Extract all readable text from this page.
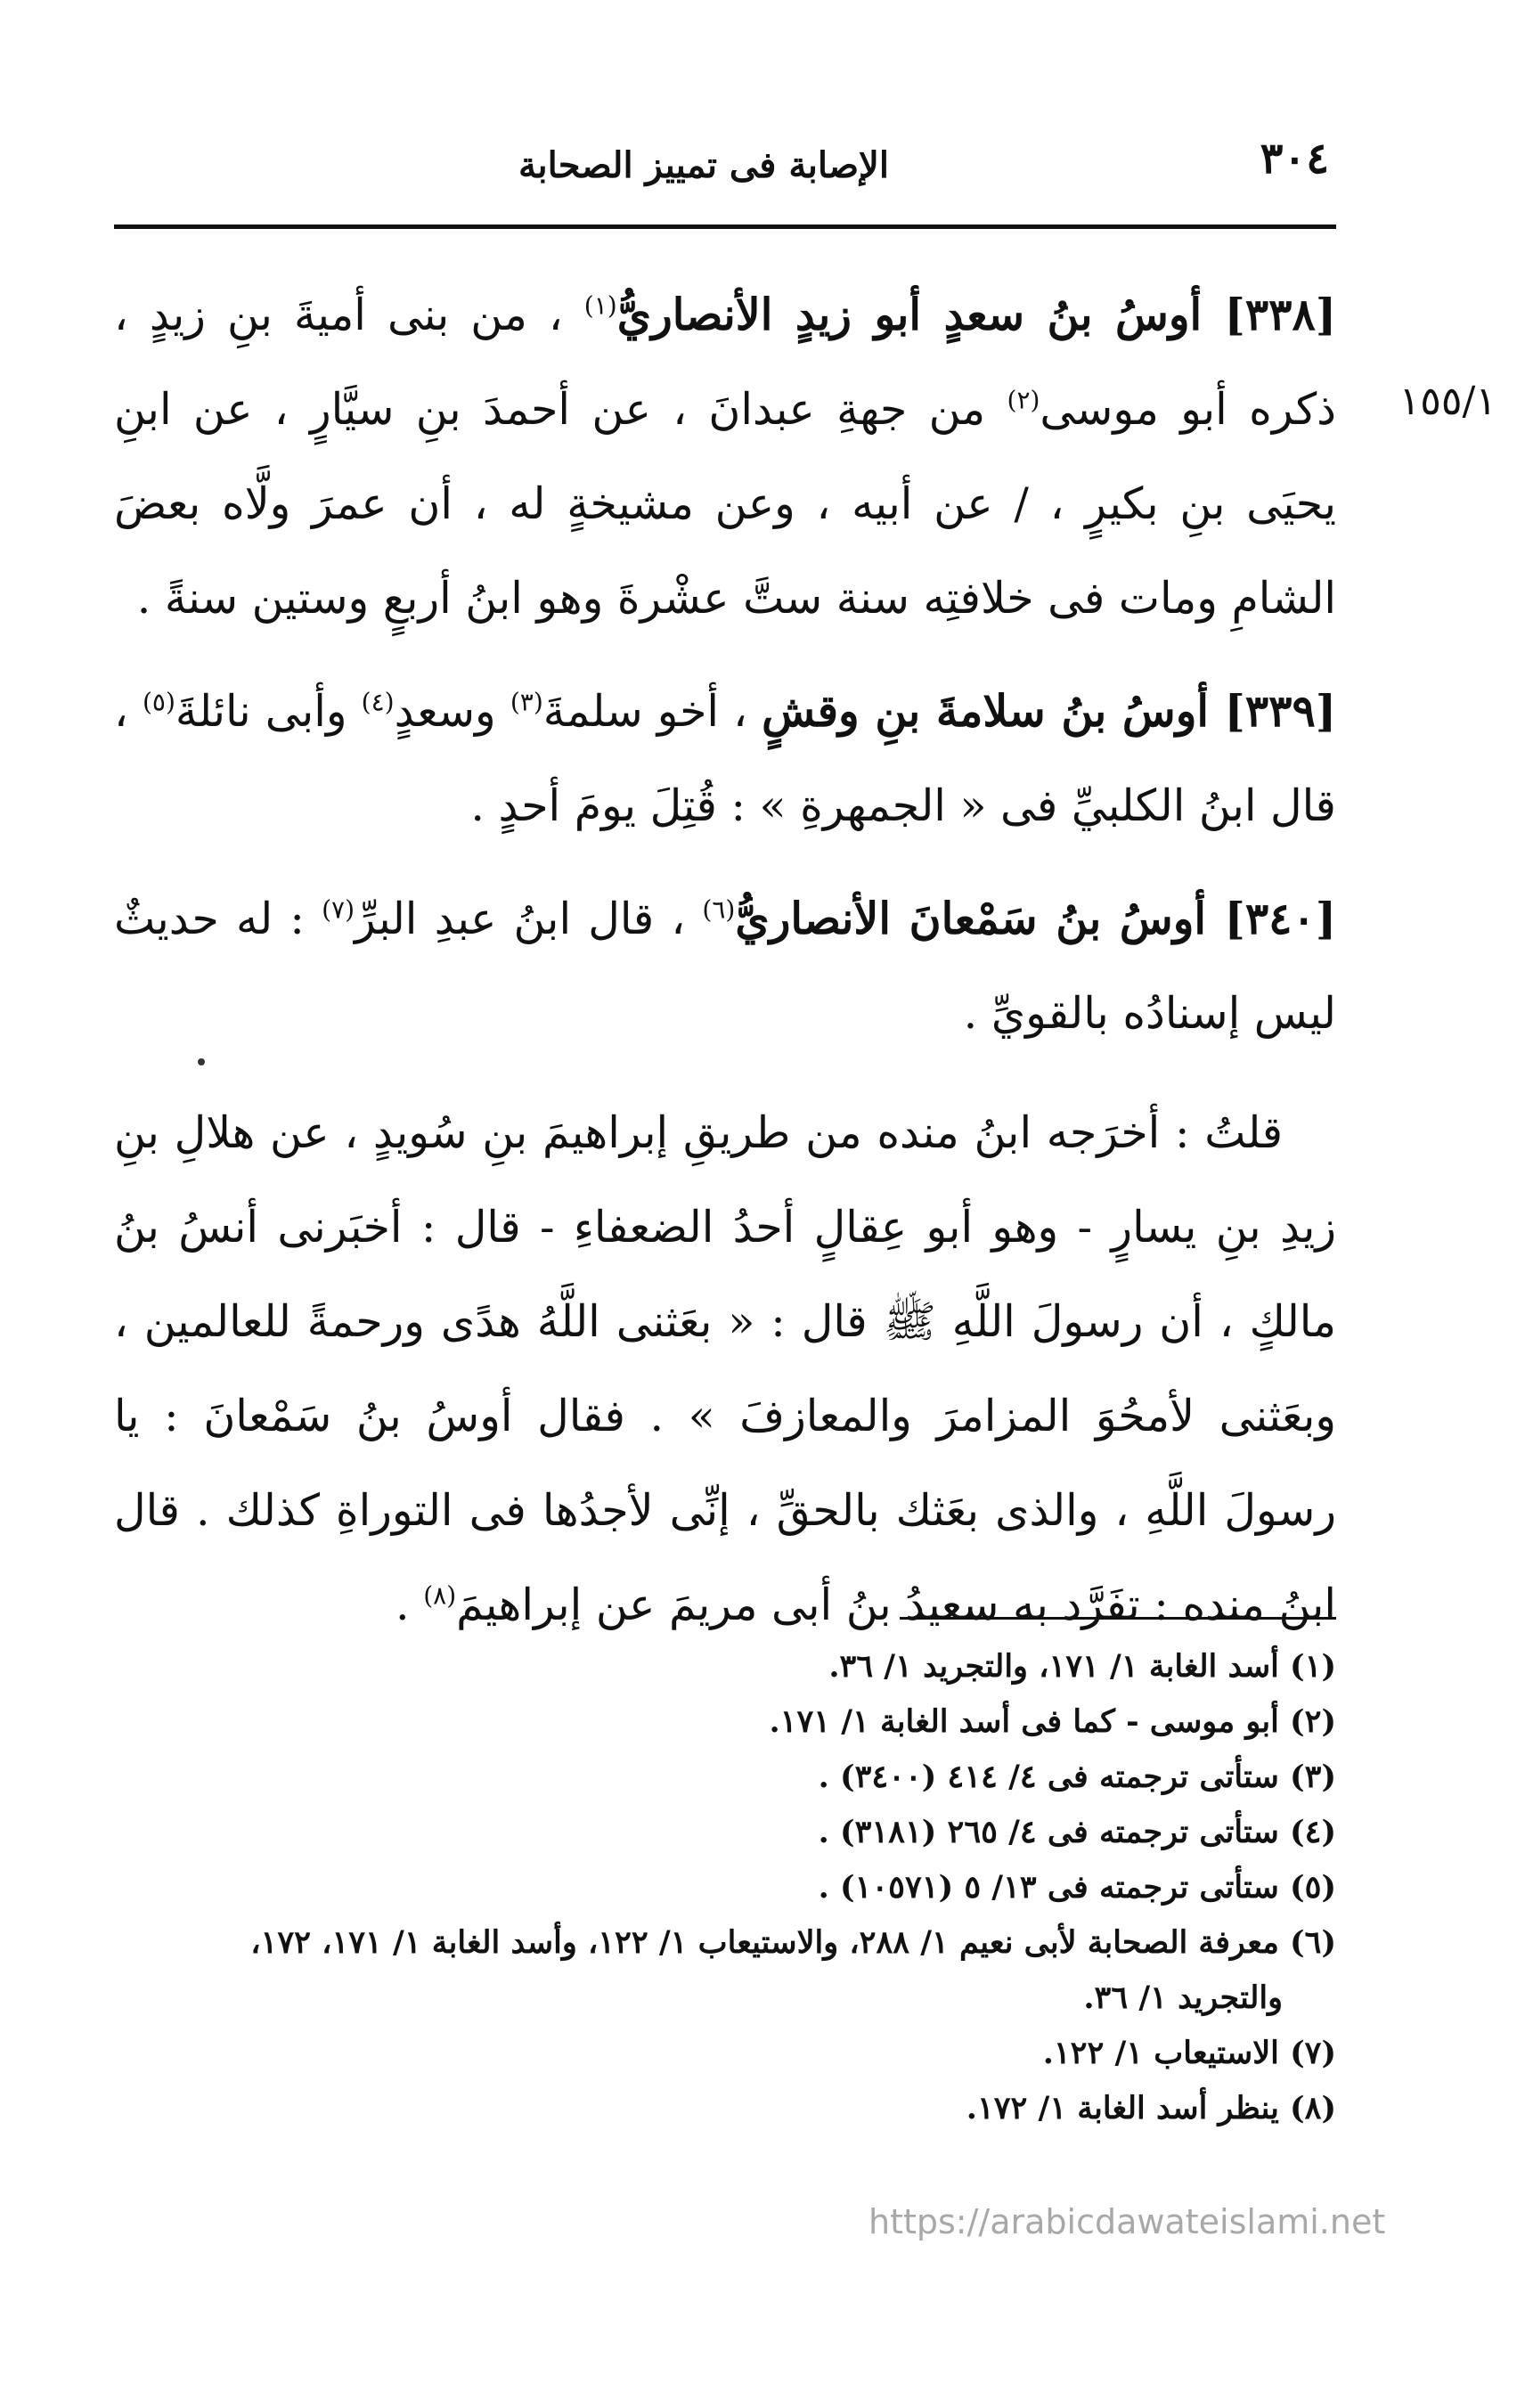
الإصابة فى تمييز الصحابة	٣٠٤
١٥٥/١

[٣٣٨] أوسُ بنُ سعدٍ أبو زيدٍ الأنصاريُّ$^{(١)}$ ، من بنى أميةَ بنِ زيدٍ ، ذكره أبو موسى$^{(٢)}$ من جهةِ عبدانَ ، عن أحمدَ بنِ سيَّارٍ ، عن ابنِ يحيَى بنِ بكيرٍ ، / عن أبيه ، وعن مشيخةٍ له ، أن عمرَ ولَّاه بعضَ الشامِ ومات فى خلافتِه سنة ستَّ عشْرةَ وهو ابنُ أربعٍ وستين سنةً .

[٣٣٩] أوسُ بنُ سلامةَ بنِ وقشٍ ، أخو سلمةَ$^{(٣)}$ وسعدٍ$^{(٤)}$ وأبى نائلةَ$^{(٥)}$ ، قال ابنُ الكلبيِّ فى « الجمهرةِ » : قُتِلَ يومَ أحدٍ .

[٣٤٠] أوسُ بنُ سَمْعانَ الأنصاريُّ$^{(٦)}$ ، قال ابنُ عبدِ البرِّ$^{(٧)}$ : له حديثٌ ليس إسنادُه بالقويِّ .

قلتُ : أخرَجه ابنُ منده من طريقِ إبراهيمَ بنِ سُويدٍ ، عن هلالِ بنِ زيدِ بنِ يسارٍ - وهو أبو عِقالٍ أحدُ الضعفاءِ - قال : أخبَرنى أنسُ بنُ مالكٍ ، أن رسولَ اللَّهِ ﷺ قال : « بعَثنى اللَّهُ هدًى ورحمةً للعالمين ، وبعَثنى لأمحُوَ المزامرَ والمعازفَ » . فقال أوسُ بنُ سَمْعانَ : يا رسولَ اللَّهِ ، والذى بعَثك بالحقِّ ، إنِّى لأجدُها فى التوراةِ كذلك . قال ابنُ منده : تفَرَّد به سعيدُ بنُ أبى مريمَ عن إبراهيمَ$^{(٨)}$ .

(١) أسد الغابة ١/ ١٧١، والتجريد ١/ ٣٦.

(٢) أبو موسى - كما فى أسد الغابة ١/ ١٧١.

(٣) ستأتى ترجمته فى ٤/ ٤١٤ (٣٤٠٠) .

(٤) ستأتى ترجمته فى ٤/ ٢٦٥ (٣١٨١) .

(٥) ستأتى ترجمته فى ١٣/ ٥ (١٠٥٧١) .

(٦) معرفة الصحابة لأبى نعيم ١/ ٢٨٨، والاستيعاب ١/ ١٢٢، وأسد الغابة ١/ ١٧١، ١٧٢،

والتجريد ١/ ٣٦.

(٧) الاستيعاب ١/ ١٢٢.

(٨) ينظر أسد الغابة ١/ ١٧٢.

https://arabicdawateislami.net
